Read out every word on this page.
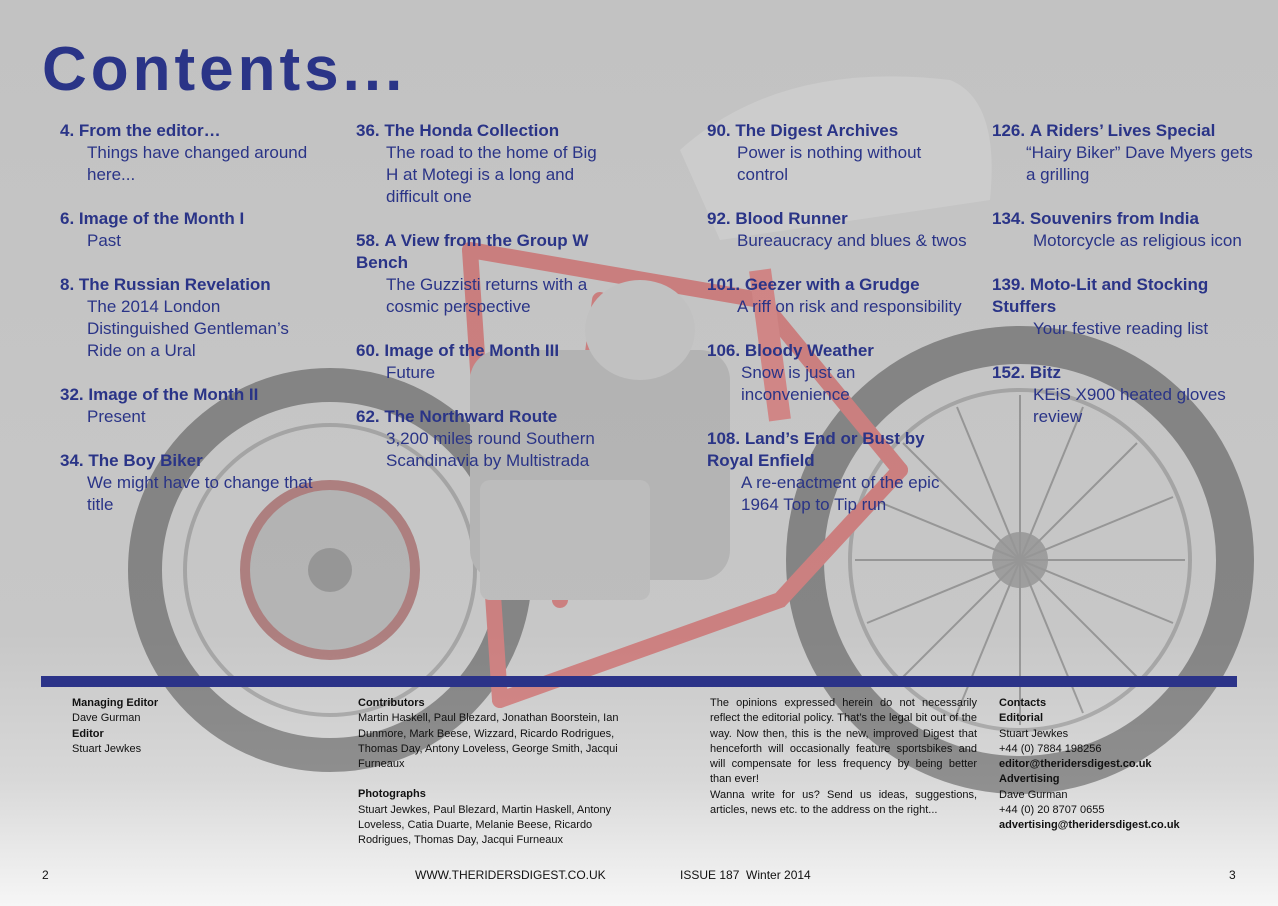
Contents...
4. From the editor…
Things have changed around here...
6. Image of the Month I
Past
8. The Russian Revelation
The 2014 London Distinguished Gentleman’s Ride on a Ural
32. Image of the Month II
Present
34. The Boy Biker
We might have to change that title
36. The Honda Collection
The road to the home of Big H at Motegi is a long and difficult one
58. A View from the Group W Bench
The Guzzisti returns with a cosmic perspective
60. Image of the Month III
Future
62. The Northward Route
3,200 miles round Southern Scandinavia by Multistrada
90. The Digest Archives
Power is nothing without control
92. Blood Runner
Bureaucracy and blues & twos
101. Geezer with a Grudge
A riff on risk and responsibility
106. Bloody Weather
Snow is just an inconvenience
108. Land’s End or Bust by Royal Enfield
A re-enactment of the epic 1964 Top to Tip run
126. A Riders’ Lives Special
“Hairy Biker” Dave Myers gets a grilling
134. Souvenirs from India
Motorcycle as religious icon
139. Moto-Lit and Stocking Stuffers
Your festive reading list
152. Bitz
KEiS X900 heated gloves review
Managing Editor
Dave Gurman
Editor
Stuart Jewkes
Contributors
Martin Haskell, Paul Blezard, Jonathan Boorstein, Ian Dunmore, Mark Beese, Wizzard, Ricardo Rodrigues, Thomas Day, Antony Loveless, George Smith, Jacqui Furneaux
Photographs
Stuart Jewkes, Paul Blezard, Martin Haskell, Antony Loveless, Catia Duarte, Melanie Beese, Ricardo Rodrigues, Thomas Day, Jacqui Furneaux
The opinions expressed herein do not necessarily reflect the editorial policy. That’s the legal bit out of the way. Now then, this is the new, improved Digest that henceforth will occasionally feature sportsbikes and will compensate for less frequency by being better than ever!
Wanna write for us? Send us ideas, suggestions, articles, news etc. to the address on the right...
Contacts
Editorial
Stuart Jewkes
+44 (0) 7884 198256
editor@theridersdigest.co.uk
Advertising
Dave Gurman
+44 (0) 20 8707 0655
advertising@theridersdigest.co.uk
2	WWW.THERIDERSDIGEST.CO.UK	ISSUE 187  Winter 2014	3
